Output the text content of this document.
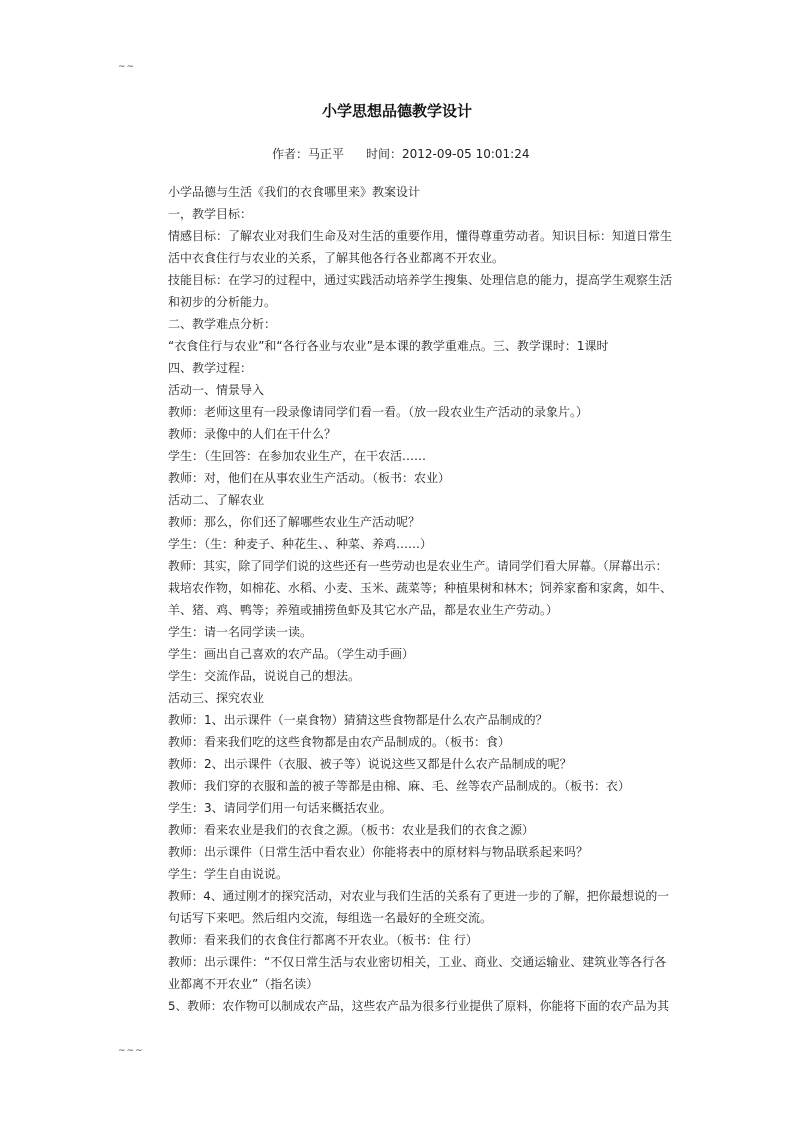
~~
小学思想品德教学设计
作者：马正平 时间：2012-09-05 10:01:24
小学品德与生活《我们的衣食哪里来》教案设计
一，教学目标：
情感目标：了解农业对我们生命及对生活的重要作用，懂得尊重劳动者。知识目标：知道日常生
活中衣食住行与农业的关系，了解其他各行各业都离不开农业。
技能目标：在学习的过程中，通过实践活动培养学生搜集、处理信息的能力，提高学生观察生活
和初步的分析能力。
二、教学难点分析：
“衣食住行与农业”和“各行各业与农业”是本课的教学重难点。三、教学课时：1课时
四、教学过程：
活动一、情景导入
教师：老师这里有一段录像请同学们看一看。（放一段农业生产活动的录象片。）
教师：录像中的人们在干什么？
学生：（生回答：在参加农业生产，在干农活……
教师：对，他们在从事农业生产活动。（板书：农业）
活动二、了解农业
教师：那么，你们还了解哪些农业生产活动呢？
学生：（生：种麦子、种花生、、种菜、养鸡……）
教师：其实，除了同学们说的这些还有一些劳动也是农业生产。请同学们看大屏幕。（屏幕出示：
栽培农作物，如棉花、水稻、小麦、玉米、蔬菜等；种植果树和林木；饲养家畜和家禽，如牛、
羊、猪、鸡、鸭等；养殖或捕捞鱼虾及其它水产品，都是农业生产劳动。）
学生：请一名同学读一读。
学生：画出自己喜欢的农产品。（学生动手画）
学生：交流作品，说说自己的想法。
活动三、探究农业
教师：1、出示课件（一桌食物）猜猜这些食物都是什么农产品制成的？
教师：看来我们吃的这些食物都是由农产品制成的。（板书：食）
教师：2、出示课件（衣服、被子等）说说这些又都是什么农产品制成的呢？
教师：我们穿的衣服和盖的被子等都是由棉、麻、毛、丝等农产品制成的。（板书：衣）
学生：3、请同学们用一句话来概括农业。
教师：看来农业是我们的衣食之源。（板书：农业是我们的衣食之源）
教师：出示课件（日常生活中看农业）你能将表中的原材料与物品联系起来吗？
学生：学生自由说说。
教师：4、通过刚才的探究活动，对农业与我们生活的关系有了更进一步的了解，把你最想说的一
句话写下来吧。然后组内交流，每组选一名最好的全班交流。
教师：看来我们的衣食住行都离不开农业。（板书：住 行）
教师：出示课件：“不仅日常生活与农业密切相关，工业、商业、交通运输业、建筑业等各行各
业都离不开农业”（指名读）
5、教师：农作物可以制成农产品，这些农产品为很多行业提供了原料，你能将下面的农产品为其
~~~
